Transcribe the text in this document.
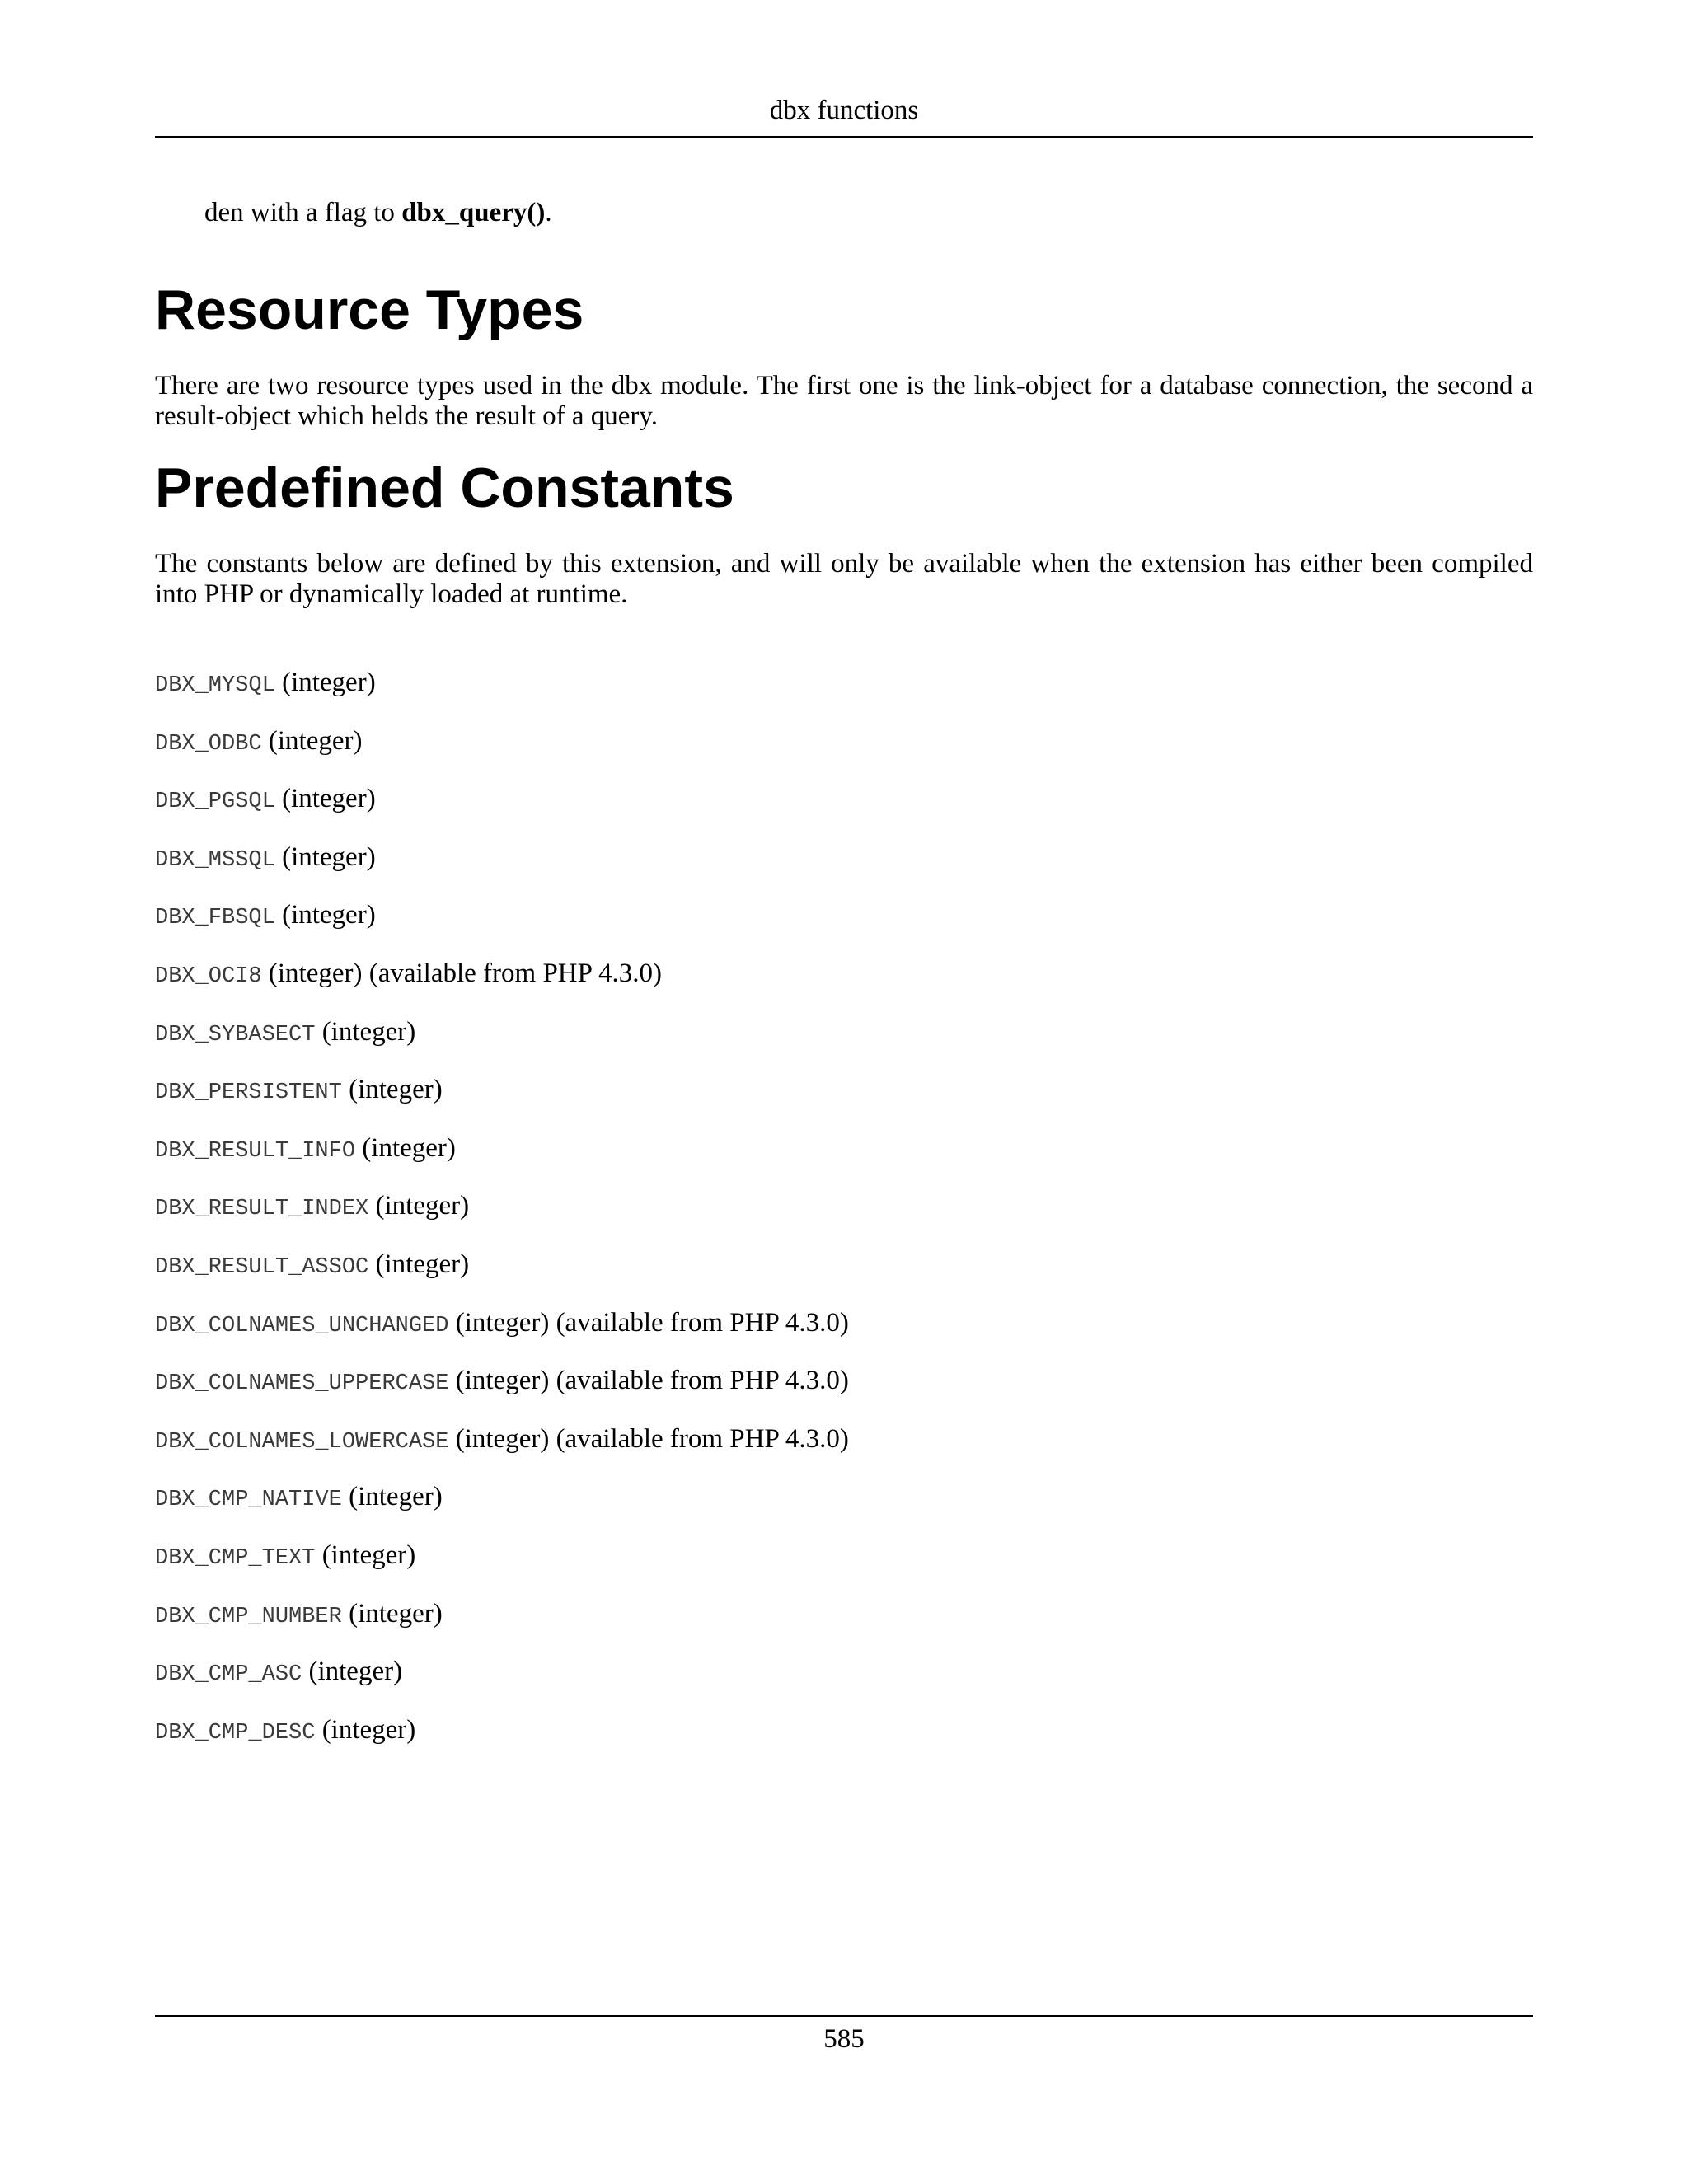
dbx functions
den with a flag to dbx_query().
Resource Types

There are two resource types used in the dbx module. The first one is the link-object for a database connection, the second a result-object which helds the result of a query.

Predefined Constants

The constants below are defined by this extension, and will only be available when the extension has either been compiled into PHP or dynamically loaded at runtime.

DBX_MYSQL (integer)
DBX_ODBC (integer)
DBX_PGSQL (integer)
DBX_MSSQL (integer)
DBX_FBSQL (integer)
DBX_OCI8 (integer) (available from PHP 4.3.0)
DBX_SYBASECT (integer)
DBX_PERSISTENT (integer)
DBX_RESULT_INFO (integer)
DBX_RESULT_INDEX (integer)
DBX_RESULT_ASSOC (integer)
DBX_COLNAMES_UNCHANGED (integer) (available from PHP 4.3.0)
DBX_COLNAMES_UPPERCASE (integer) (available from PHP 4.3.0)
DBX_COLNAMES_LOWERCASE (integer) (available from PHP 4.3.0)
DBX_CMP_NATIVE (integer)
DBX_CMP_TEXT (integer)
DBX_CMP_NUMBER (integer)
DBX_CMP_ASC (integer)
DBX_CMP_DESC (integer)
585
